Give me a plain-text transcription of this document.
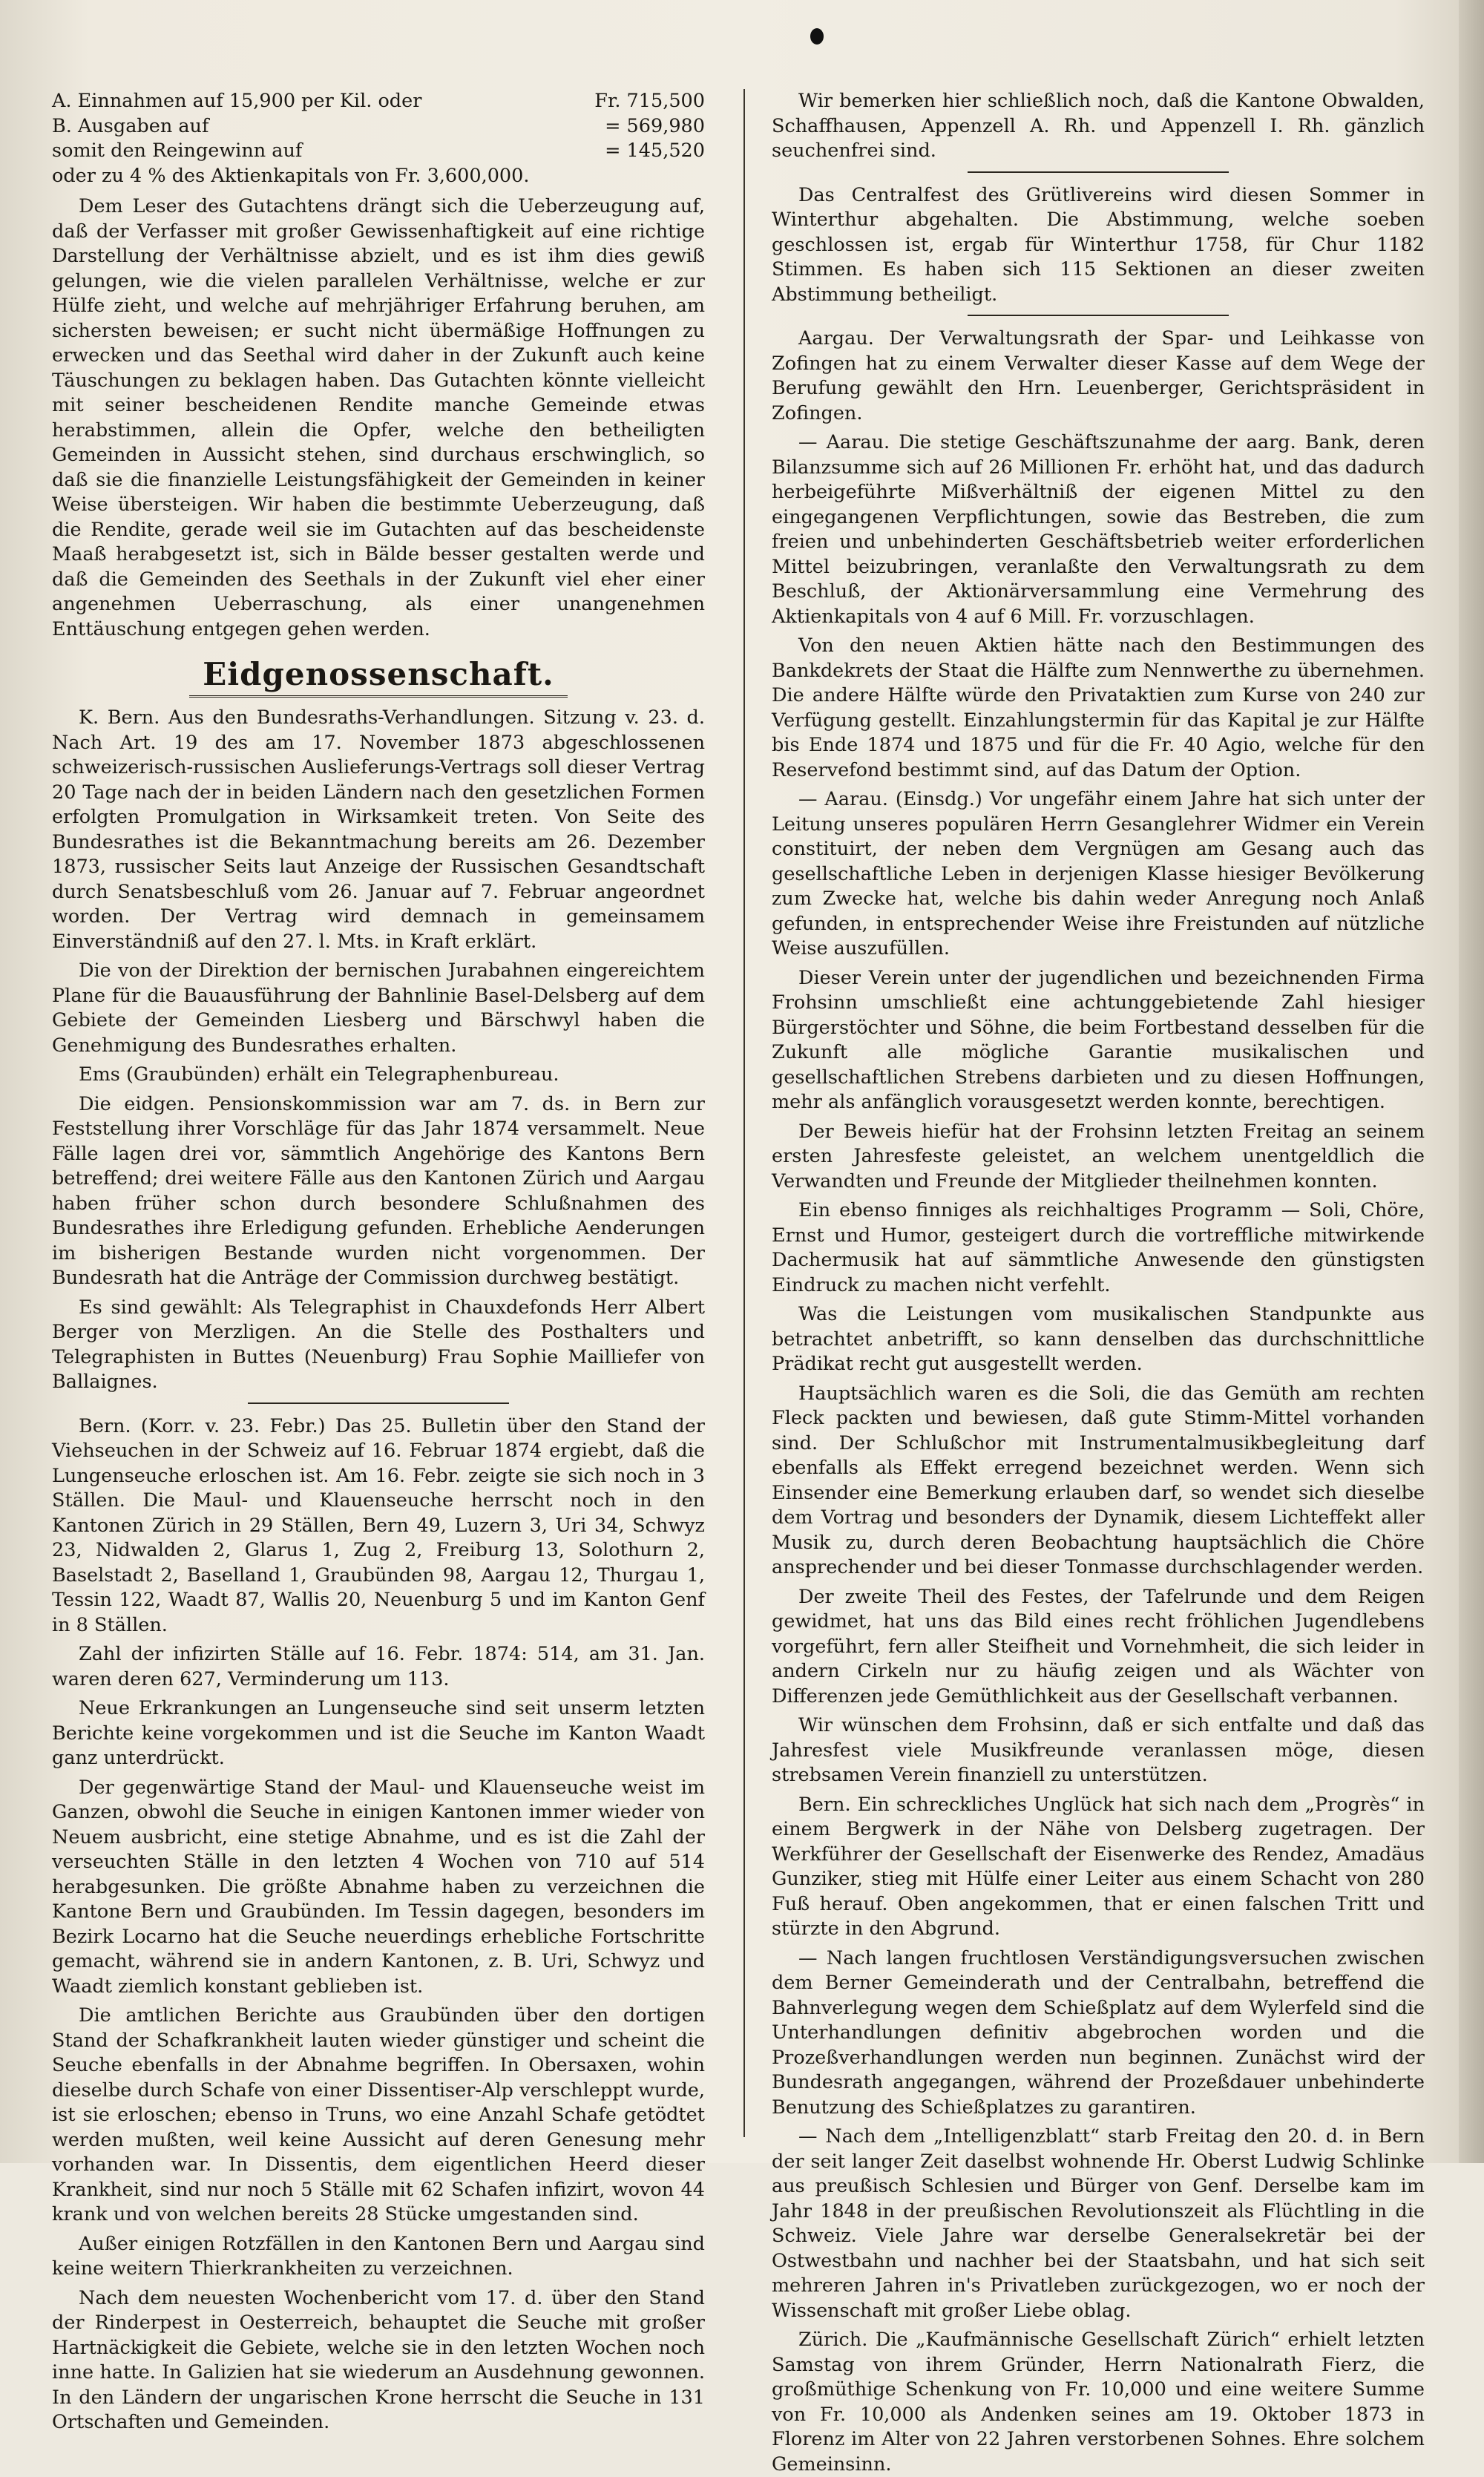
A. Einnahmen auf 15,900 per Kil. oder	Fr. 715,500
B. Ausgaben auf	= 569,980
somit den Reingewinn auf	= 145,520
oder zu 4 % des Aktienkapitals von Fr. 3,600,000.

Dem Leser des Gutachtens drängt sich die Ueberzeugung auf, daß der Verfasser mit großer Gewissenhaftigkeit auf eine richtige Darstellung der Verhältnisse abzielt, und es ist ihm dies gewiß gelungen, wie die vielen parallelen Verhältnisse, welche er zur Hülfe zieht, und welche auf mehrjähriger Erfahrung beruhen, am sichersten beweisen; er sucht nicht übermäßige Hoffnungen zu erwecken und das Seethal wird daher in der Zukunft auch keine Täuschungen zu beklagen haben. Das Gutachten könnte vielleicht mit seiner bescheidenen Rendite manche Gemeinde etwas herabstimmen, allein die Opfer, welche den betheiligten Gemeinden in Aussicht stehen, sind durchaus erschwinglich, so daß sie die finanzielle Leistungsfähigkeit der Gemeinden in keiner Weise übersteigen. Wir haben die bestimmte Ueberzeugung, daß die Rendite, gerade weil sie im Gutachten auf das bescheidenste Maaß herabgesetzt ist, sich in Bälde besser gestalten werde und daß die Gemeinden des Seethals in der Zukunft viel eher einer angenehmen Ueberraschung, als einer unangenehmen Enttäuschung entgegen gehen werden.

Eidgenossenschaft.

K. Bern. Aus den Bundesraths-Verhandlungen. Sitzung v. 23. d. Nach Art. 19 des am 17. November 1873 abgeschlossenen schweizerisch-russischen Auslieferungs-Vertrags soll dieser Vertrag 20 Tage nach der in beiden Ländern nach den gesetzlichen Formen erfolgten Promulgation in Wirksamkeit treten. Von Seite des Bundesrathes ist die Bekanntmachung bereits am 26. Dezember 1873, russischer Seits laut Anzeige der Russischen Gesandtschaft durch Senatsbeschluß vom 26. Januar auf 7. Februar angeordnet worden. Der Vertrag wird demnach in gemeinsamem Einverständniß auf den 27. l. Mts. in Kraft erklärt.

Die von der Direktion der bernischen Jurabahnen eingereichtem Plane für die Bauausführung der Bahnlinie Basel-Delsberg auf dem Gebiete der Gemeinden Liesberg und Bärschwyl haben die Genehmigung des Bundesrathes erhalten.

Ems (Graubünden) erhält ein Telegraphenbureau.

Die eidgen. Pensionskommission war am 7. ds. in Bern zur Feststellung ihrer Vorschläge für das Jahr 1874 versammelt. Neue Fälle lagen drei vor, sämmtlich Angehörige des Kantons Bern betreffend; drei weitere Fälle aus den Kantonen Zürich und Aargau haben früher schon durch besondere Schlußnahmen des Bundesrathes ihre Erledigung gefunden. Erhebliche Aenderungen im bisherigen Bestande wurden nicht vorgenommen. Der Bundesrath hat die Anträge der Commission durchweg bestätigt.

Es sind gewählt: Als Telegraphist in Chauxdefonds Herr Albert Berger von Merzligen. An die Stelle des Posthalters und Telegraphisten in Buttes (Neuenburg) Frau Sophie Mailliefer von Ballaignes.

Bern. (Korr. v. 23. Febr.) Das 25. Bulletin über den Stand der Viehseuchen in der Schweiz auf 16. Februar 1874 ergiebt, daß die Lungenseuche erloschen ist. Am 16. Febr. zeigte sie sich noch in 3 Ställen. Die Maul- und Klauenseuche herrscht noch in den Kantonen Zürich in 29 Ställen, Bern 49, Luzern 3, Uri 34, Schwyz 23, Nidwalden 2, Glarus 1, Zug 2, Freiburg 13, Solothurn 2, Baselstadt 2, Baselland 1, Graubünden 98, Aargau 12, Thurgau 1, Tessin 122, Waadt 87, Wallis 20, Neuenburg 5 und im Kanton Genf in 8 Ställen.

Zahl der infizirten Ställe auf 16. Febr. 1874: 514, am 31. Jan. waren deren 627, Verminderung um 113.

Neue Erkrankungen an Lungenseuche sind seit unserm letzten Berichte keine vorgekommen und ist die Seuche im Kanton Waadt ganz unterdrückt.

Der gegenwärtige Stand der Maul- und Klauenseuche weist im Ganzen, obwohl die Seuche in einigen Kantonen immer wieder von Neuem ausbricht, eine stetige Abnahme, und es ist die Zahl der verseuchten Ställe in den letzten 4 Wochen von 710 auf 514 herabgesunken. Die größte Abnahme haben zu verzeichnen die Kantone Bern und Graubünden. Im Tessin dagegen, besonders im Bezirk Locarno hat die Seuche neuerdings erhebliche Fortschritte gemacht, während sie in andern Kantonen, z. B. Uri, Schwyz und Waadt ziemlich konstant geblieben ist.

Die amtlichen Berichte aus Graubünden über den dortigen Stand der Schafkrankheit lauten wieder günstiger und scheint die Seuche ebenfalls in der Abnahme begriffen. In Obersaxen, wohin dieselbe durch Schafe von einer Dissentiser-Alp verschleppt wurde, ist sie erloschen; ebenso in Truns, wo eine Anzahl Schafe getödtet werden mußten, weil keine Aussicht auf deren Genesung mehr vorhanden war. In Dissentis, dem eigentlichen Heerd dieser Krankheit, sind nur noch 5 Ställe mit 62 Schafen infizirt, wovon 44 krank und von welchen bereits 28 Stücke umgestanden sind.

Außer einigen Rotzfällen in den Kantonen Bern und Aargau sind keine weitern Thierkrankheiten zu verzeichnen.

Nach dem neuesten Wochenbericht vom 17. d. über den Stand der Rinderpest in Oesterreich, behauptet die Seuche mit großer Hartnäckigkeit die Gebiete, welche sie in den letzten Wochen noch inne hatte. In Galizien hat sie wiederum an Ausdehnung gewonnen. In den Ländern der ungarischen Krone herrscht die Seuche in 131 Ortschaften und Gemeinden.

Wir bemerken hier schließlich noch, daß die Kantone Obwalden, Schaffhausen, Appenzell A. Rh. und Appenzell I. Rh. gänzlich seuchenfrei sind.

Das Centralfest des Grütlivereins wird diesen Sommer in Winterthur abgehalten. Die Abstimmung, welche soeben geschlossen ist, ergab für Winterthur 1758, für Chur 1182 Stimmen. Es haben sich 115 Sektionen an dieser zweiten Abstimmung betheiligt.

Aargau. Der Verwaltungsrath der Spar- und Leihkasse von Zofingen hat zu einem Verwalter dieser Kasse auf dem Wege der Berufung gewählt den Hrn. Leuenberger, Gerichtspräsident in Zofingen.

— Aarau. Die stetige Geschäftszunahme der aarg. Bank, deren Bilanzsumme sich auf 26 Millionen Fr. erhöht hat, und das dadurch herbeigeführte Mißverhältniß der eigenen Mittel zu den eingegangenen Verpflichtungen, sowie das Bestreben, die zum freien und unbehinderten Geschäftsbetrieb weiter erforderlichen Mittel beizubringen, veranlaßte den Verwaltungsrath zu dem Beschluß, der Aktionärversammlung eine Vermehrung des Aktienkapitals von 4 auf 6 Mill. Fr. vorzuschlagen.

Von den neuen Aktien hätte nach den Bestimmungen des Bankdekrets der Staat die Hälfte zum Nennwerthe zu übernehmen. Die andere Hälfte würde den Privataktien zum Kurse von 240 zur Verfügung gestellt. Einzahlungstermin für das Kapital je zur Hälfte bis Ende 1874 und 1875 und für die Fr. 40 Agio, welche für den Reservefond bestimmt sind, auf das Datum der Option.

— Aarau. (Einsdg.) Vor ungefähr einem Jahre hat sich unter der Leitung unseres populären Herrn Gesanglehrer Widmer ein Verein constituirt, der neben dem Vergnügen am Gesang auch das gesellschaftliche Leben in derjenigen Klasse hiesiger Bevölkerung zum Zwecke hat, welche bis dahin weder Anregung noch Anlaß gefunden, in entsprechender Weise ihre Freistunden auf nützliche Weise auszufüllen.

Dieser Verein unter der jugendlichen und bezeichnenden Firma Frohsinn umschließt eine achtunggebietende Zahl hiesiger Bürgerstöchter und Söhne, die beim Fortbestand desselben für die Zukunft alle mögliche Garantie musikalischen und gesellschaftlichen Strebens darbieten und zu diesen Hoffnungen, mehr als anfänglich vorausgesetzt werden konnte, berechtigen.

Der Beweis hiefür hat der Frohsinn letzten Freitag an seinem ersten Jahresfeste geleistet, an welchem unentgeldlich die Verwandten und Freunde der Mitglieder theilnehmen konnten.

Ein ebenso finniges als reichhaltiges Programm — Soli, Chöre, Ernst und Humor, gesteigert durch die vortreffliche mitwirkende Dachermusik hat auf sämmtliche Anwesende den günstigsten Eindruck zu machen nicht verfehlt.

Was die Leistungen vom musikalischen Standpunkte aus betrachtet anbetrifft, so kann denselben das durchschnittliche Prädikat recht gut ausgestellt werden.

Hauptsächlich waren es die Soli, die das Gemüth am rechten Fleck packten und bewiesen, daß gute Stimm-Mittel vorhanden sind. Der Schlußchor mit Instrumentalmusikbegleitung darf ebenfalls als Effekt erregend bezeichnet werden. Wenn sich Einsender eine Bemerkung erlauben darf, so wendet sich dieselbe dem Vortrag und besonders der Dynamik, diesem Lichteffekt aller Musik zu, durch deren Beobachtung hauptsächlich die Chöre ansprechender und bei dieser Tonmasse durchschlagender werden.

Der zweite Theil des Festes, der Tafelrunde und dem Reigen gewidmet, hat uns das Bild eines recht fröhlichen Jugendlebens vorgeführt, fern aller Steifheit und Vornehmheit, die sich leider in andern Cirkeln nur zu häufig zeigen und als Wächter von Differenzen jede Gemüthlichkeit aus der Gesellschaft verbannen.

Wir wünschen dem Frohsinn, daß er sich entfalte und daß das Jahresfest viele Musikfreunde veranlassen möge, diesen strebsamen Verein finanziell zu unterstützen.

Bern. Ein schreckliches Unglück hat sich nach dem „Progrès“ in einem Bergwerk in der Nähe von Delsberg zugetragen. Der Werkführer der Gesellschaft der Eisenwerke des Rendez, Amadäus Gunziker, stieg mit Hülfe einer Leiter aus einem Schacht von 280 Fuß herauf. Oben angekommen, that er einen falschen Tritt und stürzte in den Abgrund.

— Nach langen fruchtlosen Verständigungsversuchen zwischen dem Berner Gemeinderath und der Centralbahn, betreffend die Bahnverlegung wegen dem Schießplatz auf dem Wylerfeld sind die Unterhandlungen definitiv abgebrochen worden und die Prozeßverhandlungen werden nun beginnen. Zunächst wird der Bundesrath angegangen, während der Prozeßdauer unbehinderte Benutzung des Schießplatzes zu garantiren.

— Nach dem „Intelligenzblatt“ starb Freitag den 20. d. in Bern der seit langer Zeit daselbst wohnende Hr. Oberst Ludwig Schlinke aus preußisch Schlesien und Bürger von Genf. Derselbe kam im Jahr 1848 in der preußischen Revolutionszeit als Flüchtling in die Schweiz. Viele Jahre war derselbe Generalsekretär bei der Ostwestbahn und nachher bei der Staatsbahn, und hat sich seit mehreren Jahren in's Privatleben zurückgezogen, wo er noch der Wissenschaft mit großer Liebe oblag.

Zürich. Die „Kaufmännische Gesellschaft Zürich“ erhielt letzten Samstag von ihrem Gründer, Herrn Nationalrath Fierz, die großmüthige Schenkung von Fr. 10,000 und eine weitere Summe von Fr. 10,000 als Andenken seines am 19. Oktober 1873 in Florenz im Alter von 22 Jahren verstorbenen Sohnes. Ehre solchem Gemeinsinn.
